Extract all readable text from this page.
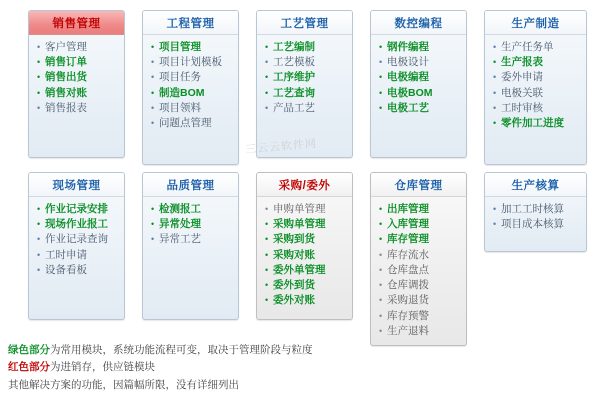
销售管理
• 客户管理
• 销售订单
• 销售出货
• 销售对账
• 销售报表
工程管理
• 项目管理
• 项目计划模板
• 项目任务
• 制造BOM
• 项目领料
• 问题点管理
工艺管理
• 工艺编制
• 工艺模板
• 工序维护
• 工艺查询
• 产品工艺
数控编程
• 钢件编程
• 电极设计
• 电极编程
• 电极BOM
• 电极工艺
生产制造
• 生产任务单
• 生产报表
• 委外申请
• 电极关联
• 工时审核
• 零件加工进度
现场管理
• 作业记录安排
• 现场作业报工
• 作业记录查询
• 工时申请
• 设备看板
品质管理
• 检测报工
• 异常处理
• 异常工艺
采购/委外
• 申购单管理
• 采购单管理
• 采购到货
• 采购对账
• 委外单管理
• 委外到货
• 委外对账
仓库管理
• 出库管理
• 入库管理
• 库存管理
• 库存流水
• 仓库盘点
• 仓库调拨
• 采购退货
• 库存预警
• 生产退料
生产核算
• 加工工时核算
• 项目成本核算
三云云软件网
绿色部分为常用模块，系统功能流程可变，取决于管理阶段与粒度
红色部分为进销存，供应链模块
其他解决方案的功能，因篇幅所限，没有详细列出
